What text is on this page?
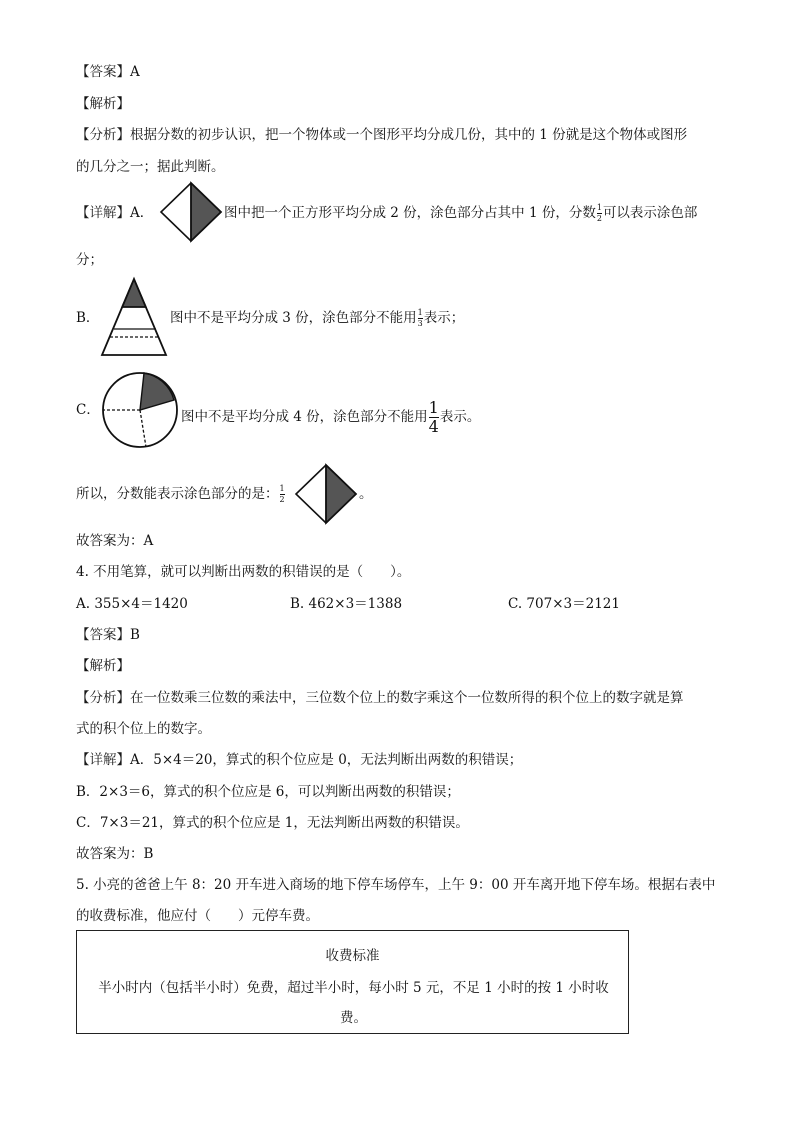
【答案】A
【解析】
【分析】根据分数的初步认识，把一个物体或一个图形平均分成几份，其中的 1 份就是这个物体或图形
的几分之一；据此判断。
【详解】A．	图中把一个正方形平均分成 2 份，涂色部分占其中 1 份，分数 $\frac{1}{2}$ 可以表示涂色部
分；
B．	图中不是平均分成 3 份，涂色部分不能用 $\frac{1}{3}$ 表示；
C．	图中不是平均分成 4 份，涂色部分不能用 $\frac{1}{4}$ 表示。
所以，分数能表示涂色部分的是： $\frac{1}{2}$	。
故答案为：A
4. 不用笔算，就可以判断出两数的积错误的是（　　）。
A. 355×4＝1420	B. 462×3＝1388	C. 707×3＝2121
【答案】B
【解析】
【分析】在一位数乘三位数的乘法中，三位数个位上的数字乘这个一位数所得的积个位上的数字就是算
式的积个位上的数字。
【详解】A．5×4＝20，算式的积个位应是 0，无法判断出两数的积错误；
B．2×3＝6，算式的积个位应是 6，可以判断出两数的积错误；
C．7×3＝21，算式的积个位应是 1，无法判断出两数的积错误。
故答案为：B
5. 小亮的爸爸上午 8：20 开车进入商场的地下停车场停车，上午 9：00 开车离开地下停车场。根据右表中
的收费标准，他应付（　　）元停车费。
收费标准
半小时内（包括半小时）免费，超过半小时，每小时 5 元，不足 1 小时的按 1 小时收费。
